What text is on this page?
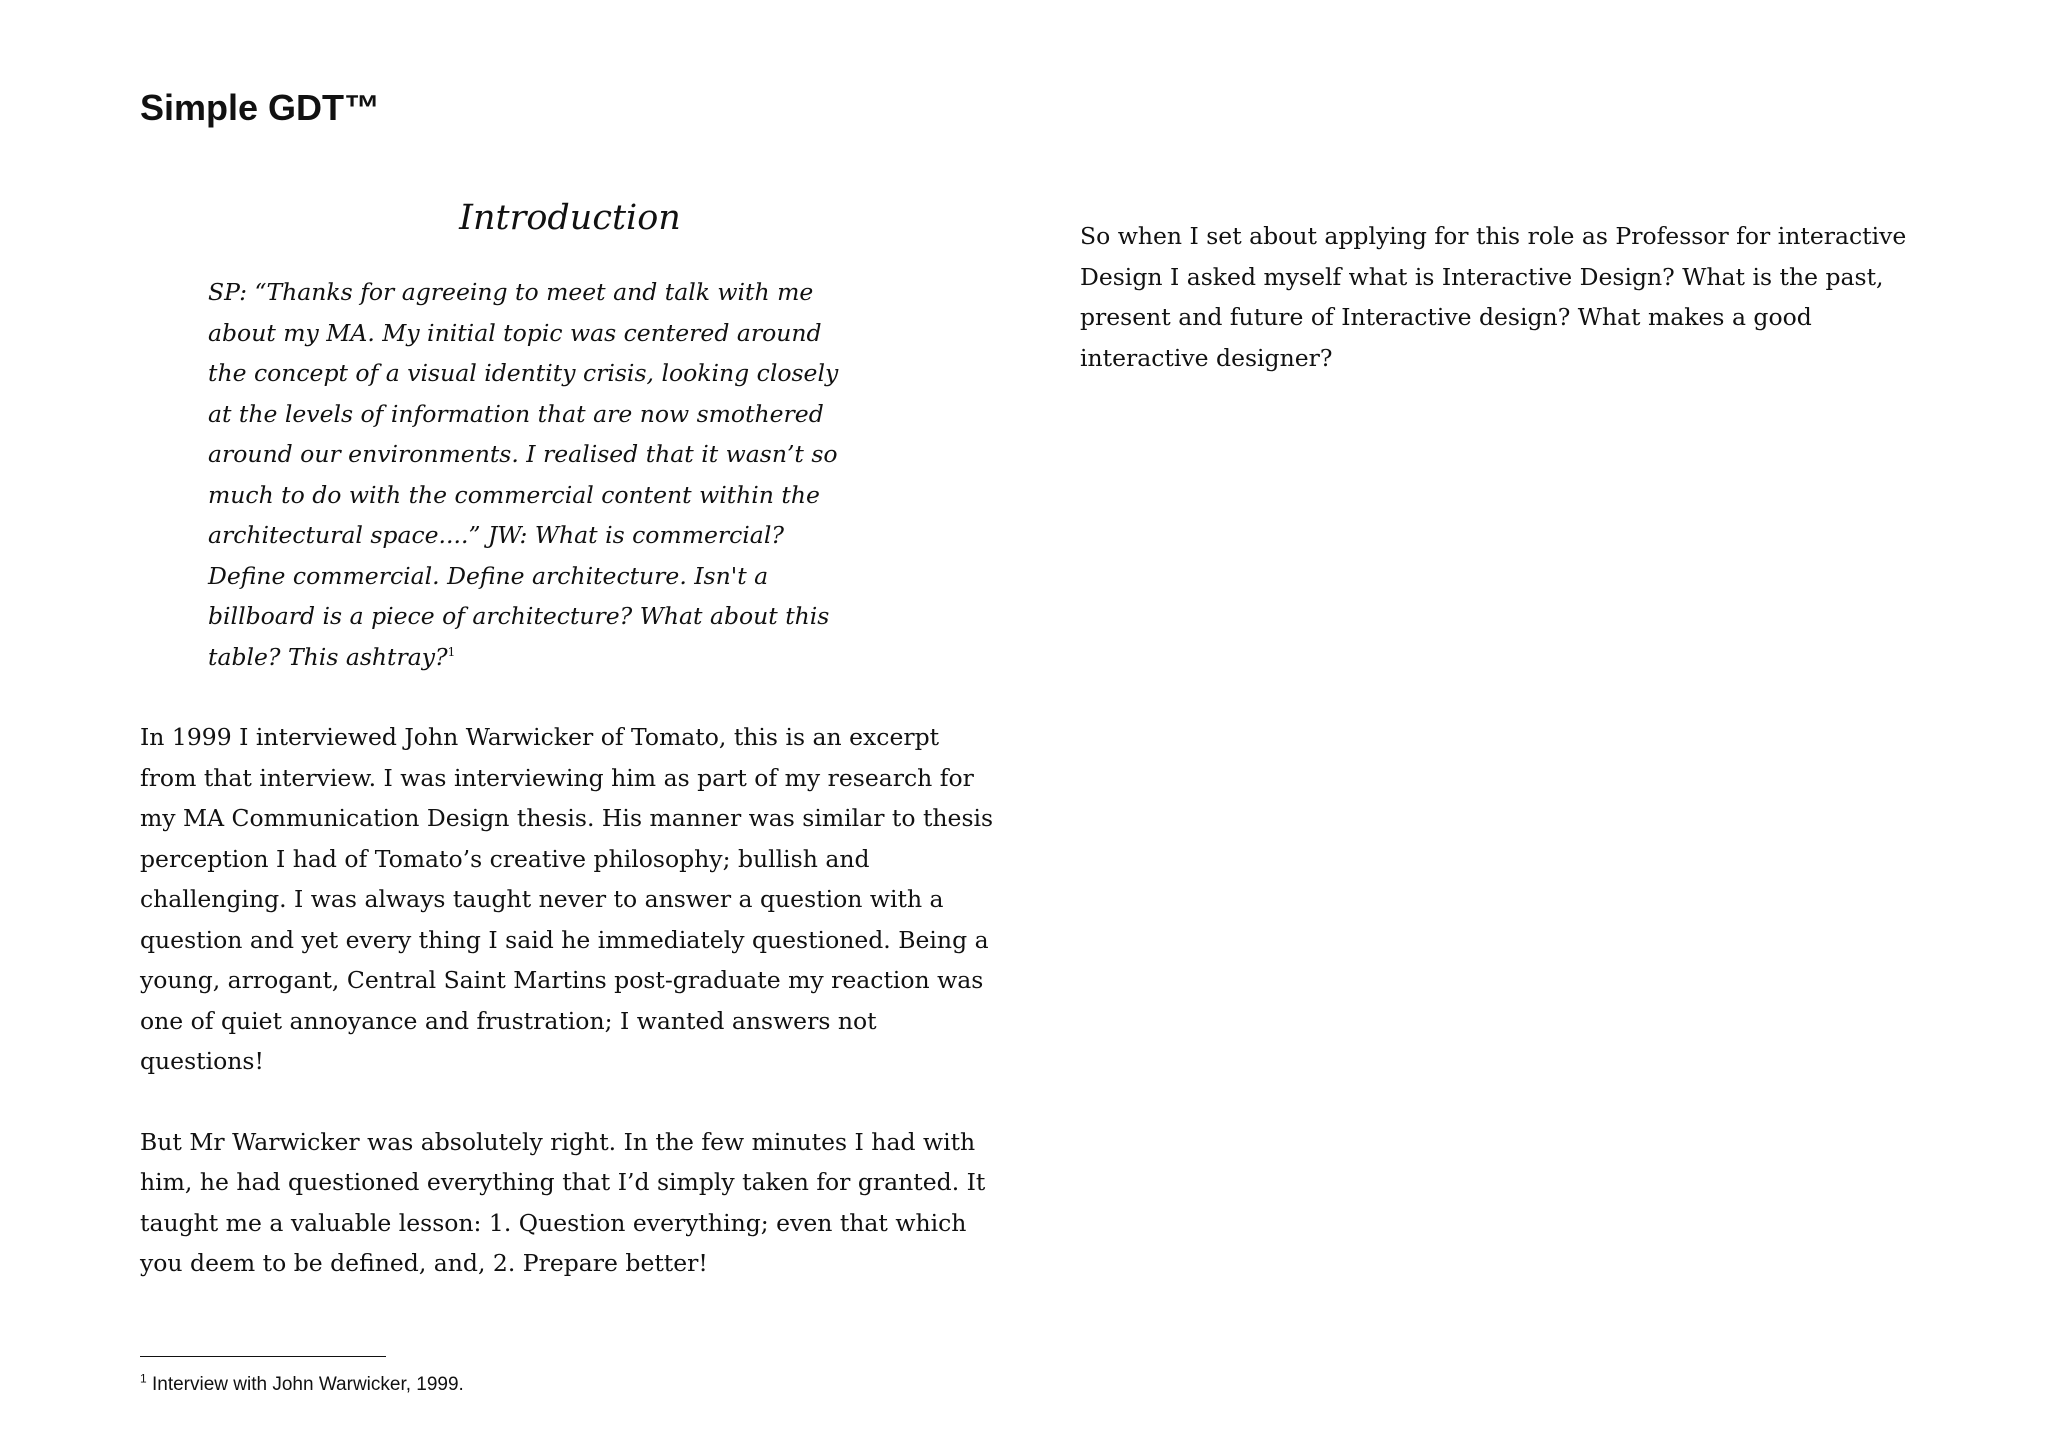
Simple GDT™
Introduction

SP: “Thanks for agreeing to meet and talk with me about my MA. My initial topic was centered around the concept of a visual identity crisis, looking closely at the levels of information that are now smothered around our environments. I realised that it wasn’t so much to do with the commercial content within the architectural space....” JW: What is commercial? Define commercial. Define architecture. Isn't a billboard is a piece of architecture? What about this table? This ashtray?$^1$

In 1999 I interviewed John Warwicker of Tomato, this is an excerpt from that interview. I was interviewing him as part of my research for my MA Communication Design thesis. His manner was similar to thesis perception I had of Tomato’s creative philosophy; bullish and challenging. I was always taught never to answer a question with a question and yet every thing I said he immediately questioned. Being a young, arrogant, Central Saint Martins post-graduate my reaction was one of quiet annoyance and frustration; I wanted answers not questions!

But Mr Warwicker was absolutely right. In the few minutes I had with him, he had questioned everything that I’d simply taken for granted. It taught me a valuable lesson: 1. Question everything; even that which you deem to be defined, and, 2. Prepare better!

$^1$ Interview with John Warwicker, 1999.

So when I set about applying for this role as Professor for interactive Design I asked myself what is Interactive Design? What is the past, present and future of Interactive design? What makes a good interactive designer?
